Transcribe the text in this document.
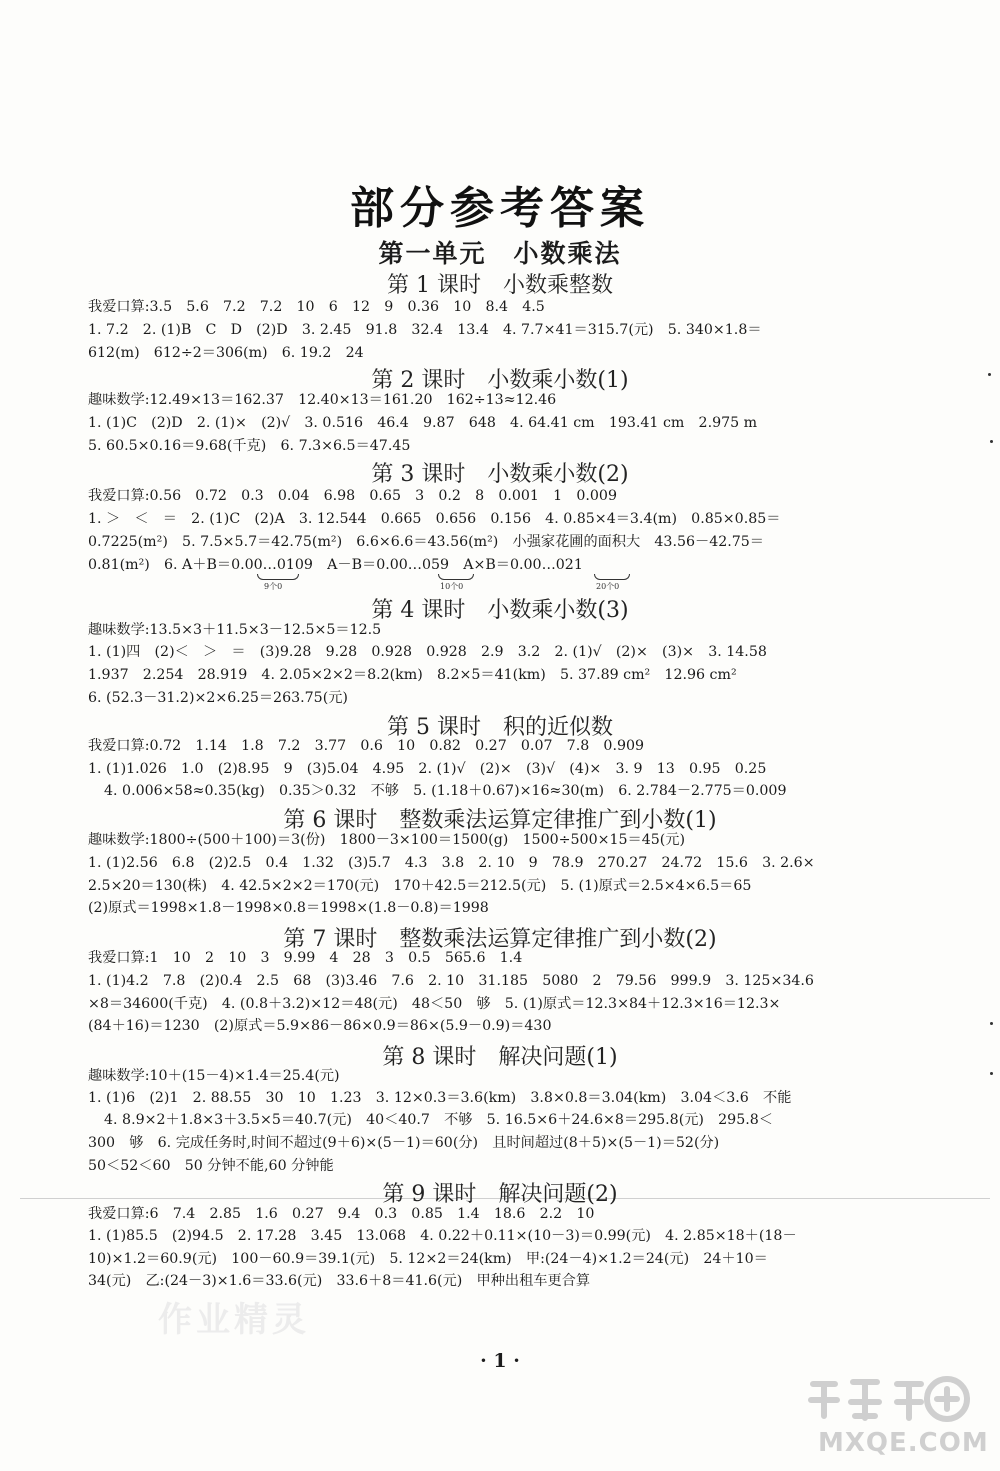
部分参考答案
第一单元　小数乘法
第 1 课时　小数乘整数
我爱口算:3.5　5.6　7.2　7.2　10　6　12　9　0.36　10　8.4　4.5
1. 7.2　2. (1)B　C　D　(2)D　3. 2.45　91.8　32.4　13.4　4. 7.7×41＝315.7(元)　5. 340×1.8＝
612(m)　612÷2＝306(m)　6. 19.2　24
第 2 课时　小数乘小数(1)
趣味数学:12.49×13＝162.37　12.40×13＝161.20　162÷13≈12.46
1. (1)C　(2)D　2. (1)×　(2)√　3. 0.516　46.4　9.87　648　4. 64.41 cm　193.41 cm　2.975 m
5. 60.5×0.16＝9.68(千克)　6. 7.3×6.5＝47.45
第 3 课时　小数乘小数(2)
我爱口算:0.56　0.72　0.3　0.04　6.98　0.65　3　0.2　8　0.001　1　0.009
1. ＞　＜　＝　2. (1)C　(2)A　3. 12.544　0.665　0.656　0.156　4. 0.85×4＝3.4(m)　0.85×0.85＝
0.7225(m²)　5. 7.5×5.7＝42.75(m²)　6.6×6.6＝43.56(m²)　小强家花圃的面积大　43.56－42.75＝
0.81(m²)　6. A＋B＝0.00…0109　A－B＝0.00…059　A×B＝0.00…021
9个0	10个0	20个0
第 4 课时　小数乘小数(3)
趣味数学:13.5×3＋11.5×3－12.5×5＝12.5
1. (1)四　(2)＜　＞　＝　(3)9.28　9.28　0.928　0.928　2.9　3.2　2. (1)√　(2)×　(3)×　3. 14.58
1.937　2.254　28.919　4. 2.05×2×2＝8.2(km)　8.2×5＝41(km)　5. 37.89 cm²　12.96 cm²
6. (52.3－31.2)×2×6.25＝263.75(元)
第 5 课时　积的近似数
我爱口算:0.72　1.14　1.8　7.2　3.77　0.6　10　0.82　0.27　0.07　7.8　0.909
1. (1)1.026　1.0　(2)8.95　9　(3)5.04　4.95　2. (1)√　(2)×　(3)√　(4)×　3. 9　13　0.95　0.25
4. 0.006×58≈0.35(kg)　0.35＞0.32　不够　5. (1.18＋0.67)×16≈30(m)　6. 2.784－2.775＝0.009
第 6 课时　整数乘法运算定律推广到小数(1)
趣味数学:1800÷(500＋100)＝3(份)　1800－3×100＝1500(g)　1500÷500×15＝45(元)
1. (1)2.56　6.8　(2)2.5　0.4　1.32　(3)5.7　4.3　3.8　2. 10　9　78.9　270.27　24.72　15.6　3. 2.6×
2.5×20＝130(株)　4. 42.5×2×2＝170(元)　170＋42.5＝212.5(元)　5. (1)原式＝2.5×4×6.5＝65
(2)原式＝1998×1.8－1998×0.8＝1998×(1.8－0.8)＝1998
第 7 课时　整数乘法运算定律推广到小数(2)
我爱口算:1　10　2　10　3　9.99　4　28　3　0.5　565.6　1.4
1. (1)4.2　7.8　(2)0.4　2.5　68　(3)3.46　7.6　2. 10　31.185　5080　2　79.56　999.9　3. 125×34.6
×8＝34600(千克)　4. (0.8＋3.2)×12＝48(元)　48＜50　够　5. (1)原式＝12.3×84＋12.3×16＝12.3×
(84＋16)＝1230　(2)原式＝5.9×86－86×0.9＝86×(5.9－0.9)＝430
第 8 课时　解决问题(1)
趣味数学:10＋(15－4)×1.4＝25.4(元)
1. (1)6　(2)1　2. 88.55　30　10　1.23　3. 12×0.3＝3.6(km)　3.8×0.8＝3.04(km)　3.04＜3.6　不能
4. 8.9×2＋1.8×3＋3.5×5＝40.7(元)　40＜40.7　不够　5. 16.5×6＋24.6×8＝295.8(元)　295.8＜
300　够　6. 完成任务时,时间不超过(9＋6)×(5－1)＝60(分)　且时间超过(8＋5)×(5－1)＝52(分)
50＜52＜60　50 分钟不能,60 分钟能
第 9 课时　解决问题(2)
我爱口算:6　7.4　2.85　1.6　0.27　9.4　0.3　0.85　1.4　18.6　2.2　10
1. (1)85.5　(2)94.5　2. 17.28　3.45　13.068　4. 0.22＋0.11×(10－3)＝0.99(元)　4. 2.85×18＋(18－
10)×1.2＝60.9(元)　100－60.9＝39.1(元)　5. 12×2＝24(km)　甲:(24－4)×1.2＝24(元)　24＋10＝
34(元)　乙:(24－3)×1.6＝33.6(元)　33.6＋8＝41.6(元)　甲种出租车更合算
作业精灵
· 1 ·
MXQE.COM
